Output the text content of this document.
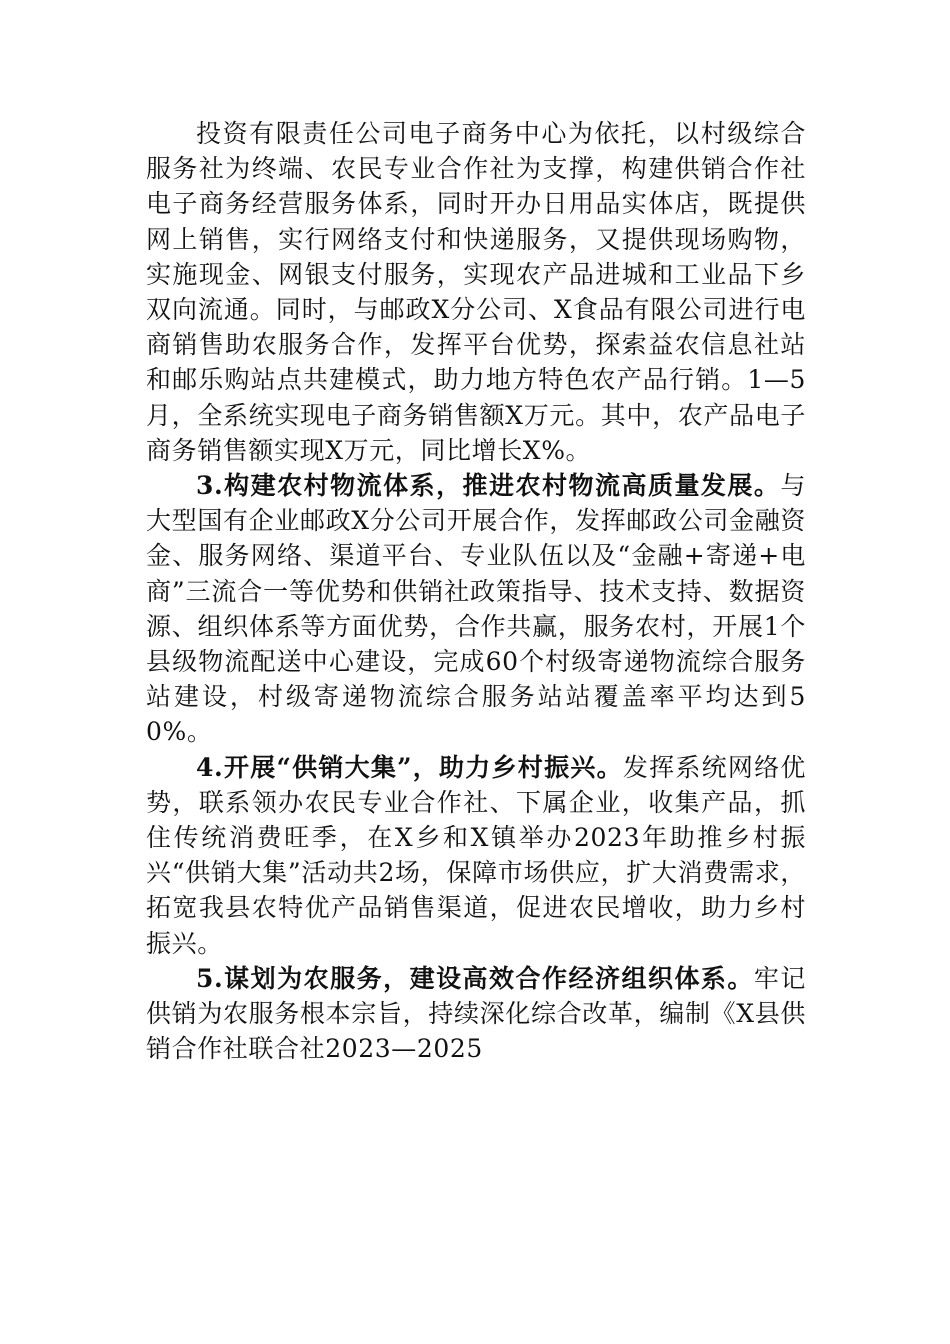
投资有限责任公司电子商务中心为依托，以村级综合服务社为终端、农民专业合作社为支撑，构建供销合作社电子商务经营服务体系，同时开办日用品实体店，既提供网上销售，实行网络支付和快递服务，又提供现场购物，实施现金、网银支付服务，实现农产品进城和工业品下乡双向流通。同时，与邮政X分公司、X食品有限公司进行电商销售助农服务合作，发挥平台优势，探索益农信息社站和邮乐购站点共建模式，助力地方特色农产品行销。1—5月，全系统实现电子商务销售额X万元。其中，农产品电子商务销售额实现X万元，同比增长X%。

3.构建农村物流体系，推进农村物流高质量发展。与大型国有企业邮政X分公司开展合作，发挥邮政公司金融资金、服务网络、渠道平台、专业队伍以及“金融+寄递+电商”三流合一等优势和供销社政策指导、技术支持、数据资源、组织体系等方面优势，合作共赢，服务农村，开展1个县级物流配送中心建设，完成60个村级寄递物流综合服务站建设，村级寄递物流综合服务站站覆盖率平均达到50%。

4.开展“供销大集”，助力乡村振兴。发挥系统网络优势，联系领办农民专业合作社、下属企业，收集产品，抓住传统消费旺季，在X乡和X镇举办2023年助推乡村振兴“供销大集”活动共2场，保障市场供应，扩大消费需求，拓宽我县农特优产品销售渠道，促进农民增收，助力乡村振兴。

5.谋划为农服务，建设高效合作经济组织体系。牢记供销为农服务根本宗旨，持续深化综合改革，编制《X县供销合作社联合社2023—2025
